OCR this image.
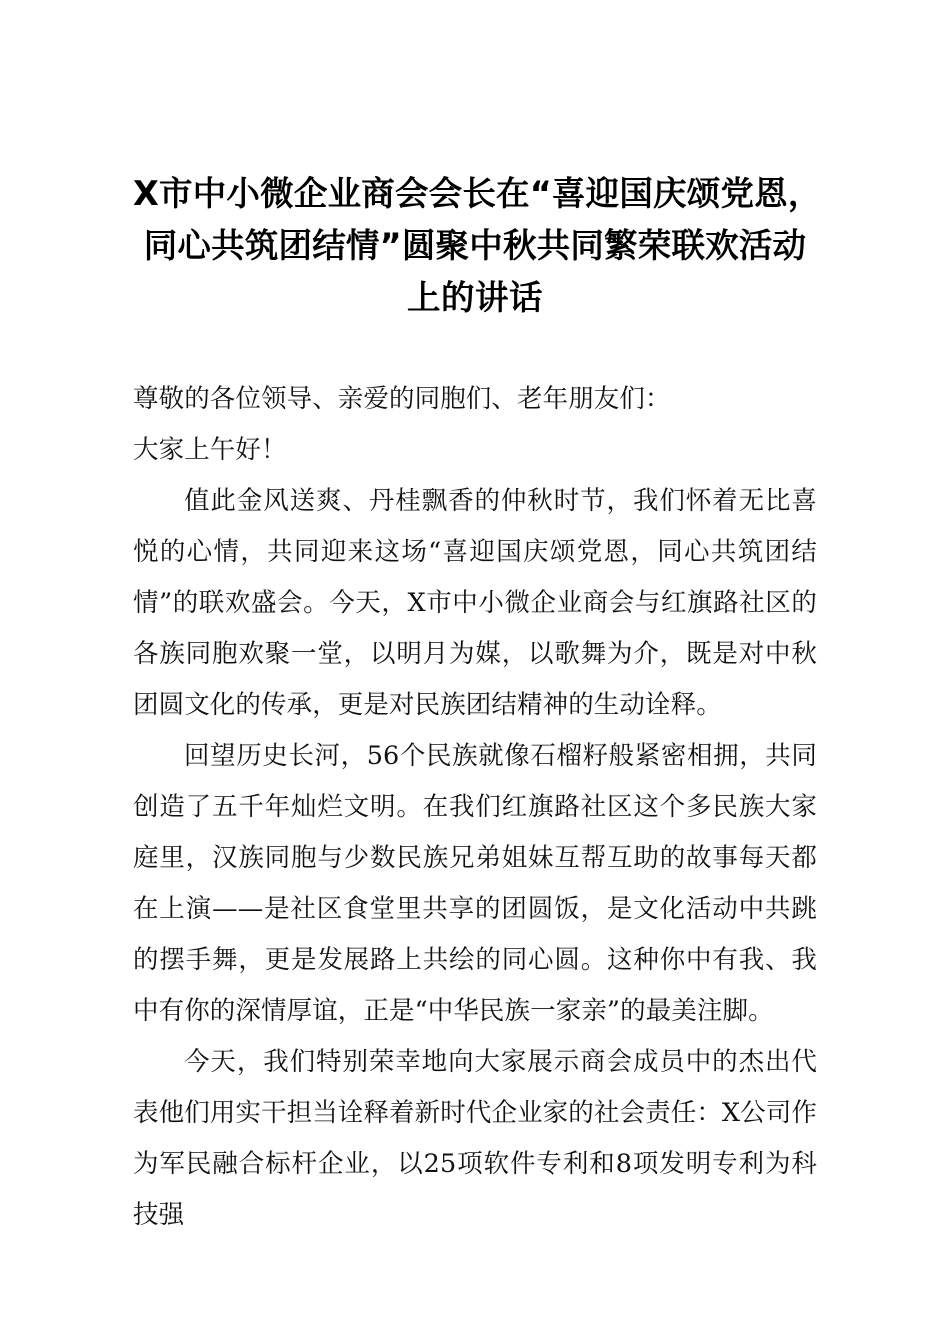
X市中小微企业商会会长在“喜迎国庆颂党恩，
同心共筑团结情”圆聚中秋共同繁荣联欢活动
上的讲话

尊敬的各位领导、亲爱的同胞们、老年朋友们：

大家上午好！

值此金风送爽、丹桂飘香的仲秋时节，我们怀着无比喜悦的心情，共同迎来这场“喜迎国庆颂党恩，同心共筑团结情”的联欢盛会。今天，X市中小微企业商会与红旗路社区的各族同胞欢聚一堂，以明月为媒，以歌舞为介，既是对中秋团圆文化的传承，更是对民族团结精神的生动诠释。

回望历史长河，56个民族就像石榴籽般紧密相拥，共同创造了五千年灿烂文明。在我们红旗路社区这个多民族大家庭里，汉族同胞与少数民族兄弟姐妹互帮互助的故事每天都在上演——是社区食堂里共享的团圆饭，是文化活动中共跳的摆手舞，更是发展路上共绘的同心圆。这种你中有我、我中有你的深情厚谊，正是“中华民族一家亲”的最美注脚。

今天，我们特别荣幸地向大家展示商会成员中的杰出代表他们用实干担当诠释着新时代企业家的社会责任：X公司作为军民融合标杆企业，以25项软件专利和8项发明专利为科技强
